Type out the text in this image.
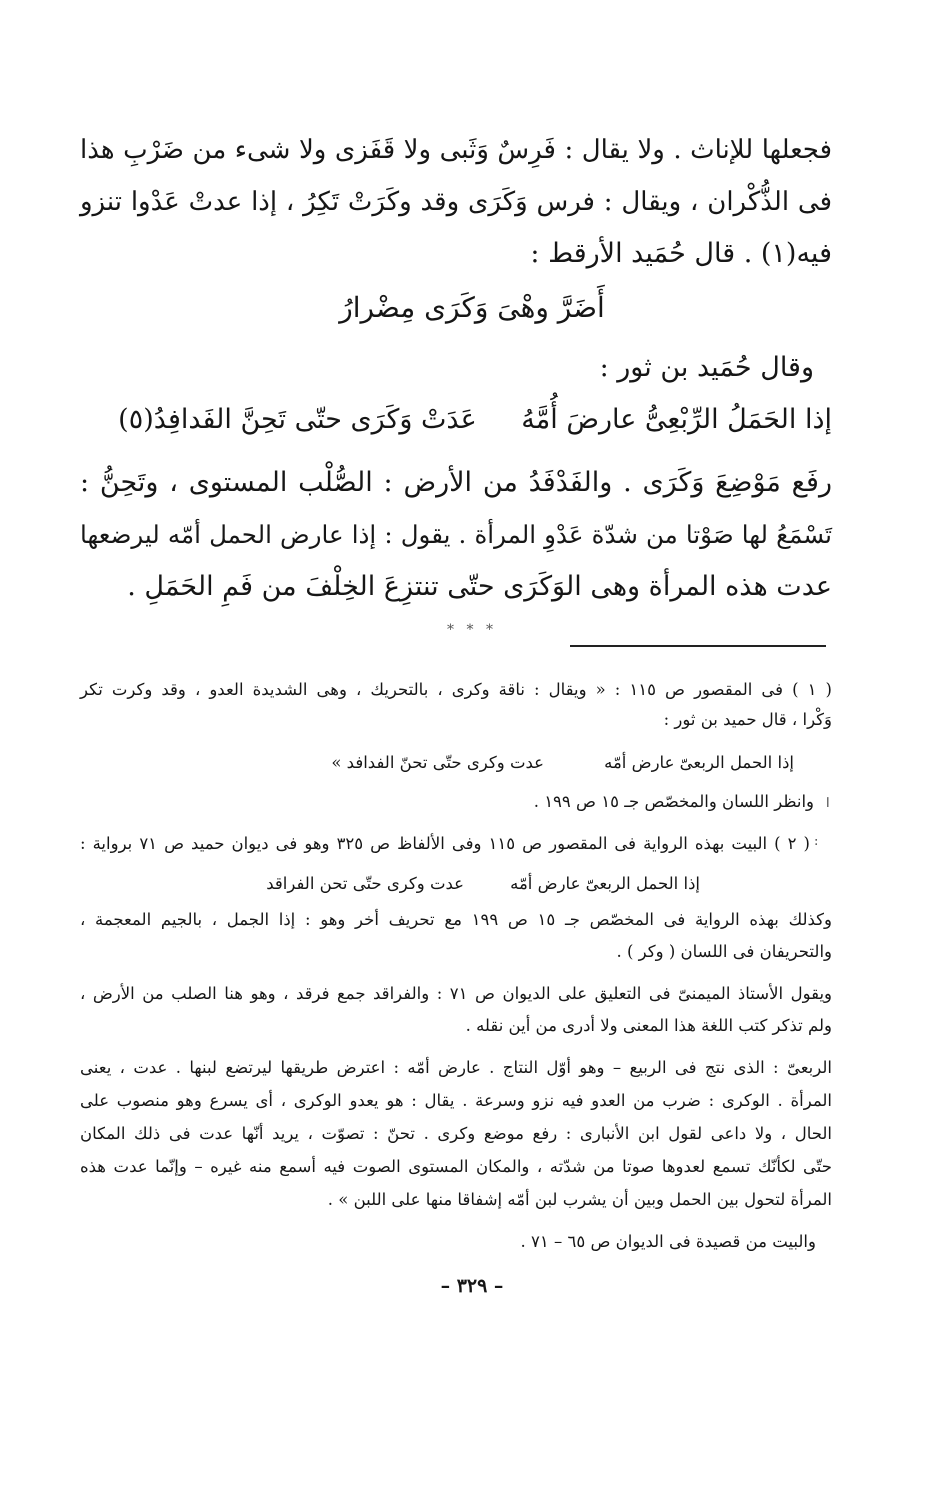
فجعلها للإناث . ولا يقال : فَرِسٌ وَثَبى ولا قَفَزى ولا شىء من ضَرْبِ هذا
فى الذُّكْران ، ويقال : فرس وَكَرَى وقد وكَرَتْ تَكِرُ ، إذا عدتْ عَدْوا تنزو
فيه(١) . قال حُمَيد الأرقط :
أَضَرَّ وهْىَ وَكَرَى مِضْرارُ
وقال حُمَيد بن ثور :
إذا الحَمَلُ الرِّبْعِىُّ عارضَ أُمَّهُ عَدَتْ وَكَرَى حتّى تَحِنَّ الفَدافِدُ(٥)
رفَع مَوْضِعَ وَكَرَى . والفَدْفَدُ من الأرض : الصُّلْب المستوى ، وتَحِنُّ :
تَسْمَعُ لها صَوْتا من شدّة عَدْوِ المرأة . يقول : إذا عارض الحمل أمّه ليرضعها
عدت هذه المرأة وهى الوَكَرَى حتّى تنتزِعَ الخِلْفَ من فَمِ الحَمَلِ .
* * *
( ١ ) فى المقصور ص ١١٥ : « ويقال : ناقة وكرى ، بالتحريك ، وهى الشديدة العدو ، وقد وكرت تكر
وَكْرا ، قال حميد بن ثور :
إذا الحمل الربعىّ عارض أمّه
عدت وكرى حتّى تحنّ الفدافد »
وانظر اللسان والمخصّص جـ ١٥ ص ١٩٩ . ا
( ٢ ) البيت بهذه الرواية فى المقصور ص ١١٥ وفى الألفاظ ص ٣٢٥ وهو فى ديوان حميد ص ٧١ برواية : :
إذا الحمل الربعىّ عارض أمّه
عدت وكرى حتّى تحن الفراقد
وكذلك بهذه الرواية فى المخصّص جـ ١٥ ص ١٩٩ مع تحريف أخر وهو : إذا الجمل ، بالجيم المعجمة ،
والتحريفان فى اللسان ( وكر ) .
ويقول الأستاذ الميمنىّ فى التعليق على الديوان ص ٧١ : والفراقد جمع فرقد ، وهو هنا الصلب من الأرض ،
ولم تذكر كتب اللغة هذا المعنى ولا أدرى من أين نقله .
الربعىّ : الذى نتج فى الربيع – وهو أوّل النتاج . عارض أمّه : اعترض طريقها ليرتضع لبنها . عدت ، يعنى
المرأة . الوكرى : ضرب من العدو فيه نزو وسرعة . يقال : هو يعدو الوكرى ، أى يسرع وهو منصوب على
الحال ، ولا داعى لقول ابن الأنبارى : رفع موضع وكرى . تحنّ : تصوّت ، يريد أنّها عدت فى ذلك المكان
حتّى لكأنّك تسمع لعدوها صوتا من شدّته ، والمكان المستوى الصوت فيه أسمع منه غيره – وإنّما عدت هذه
المرأة لتحول بين الحمل وبين أن يشرب لبن أمّه إشفاقا منها على اللبن » .
والبيت من قصيدة فى الديوان ص ٦٥ – ٧١ .
– ٣٢٩ –
